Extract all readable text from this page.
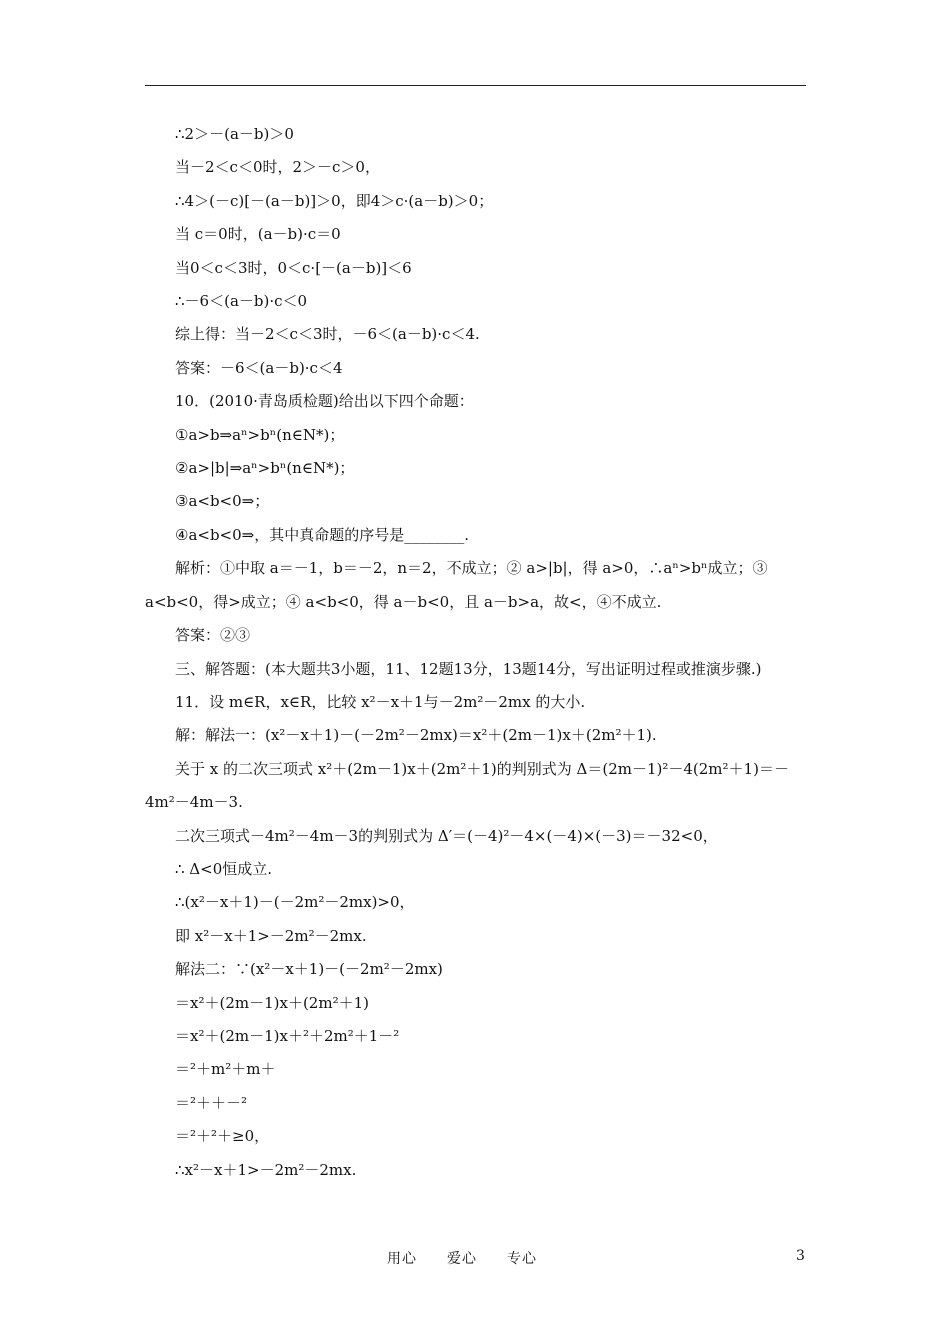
∴2＞－(a－b)＞0
当－2＜c＜0时，2＞－c＞0，
∴4＞(－c)[－(a－b)]＞0，即4＞c·(a－b)＞0；
当 c＝0时，(a－b)·c＝0
当0＜c＜3时，0＜c·[－(a－b)]＜6
∴－6＜(a－b)·c＜0
综上得：当－2＜c＜3时，－6＜(a－b)·c＜4.
答案：－6＜(a－b)·c＜4
10．(2010·青岛质检题)给出以下四个命题：
①a>b⇒aⁿ>bⁿ(n∈N*)；
②a>|b|⇒aⁿ>bⁿ(n∈N*)；
③a<b<0⇒；
④a<b<0⇒，其中真命题的序号是________.
解析：①中取 a＝－1，b＝－2，n＝2，不成立；② a>|b|，得 a>0，∴aⁿ>bⁿ成立；③ a<b<0，得>成立；④ a<b<0，得 a－b<0，且 a－b>a，故<，④不成立.
答案：②③
三、解答题：(本大题共3小题，11、12题13分，13题14分，写出证明过程或推演步骤.)
11．设 m∈R，x∈R，比较 x²－x＋1与－2m²－2mx 的大小.
解：解法一：(x²－x＋1)－(－2m²－2mx)＝x²＋(2m－1)x＋(2m²＋1).
关于 x 的二次三项式 x²＋(2m－1)x＋(2m²＋1)的判别式为 Δ＝(2m－1)²－4(2m²＋1)＝－4m²－4m－3.
二次三项式－4m²－4m－3的判别式为 Δ′＝(－4)²－4×(－4)×(－3)＝－32<0，
∴ Δ<0恒成立.
∴(x²－x＋1)－(－2m²－2mx)>0，
即 x²－x＋1>－2m²－2mx.
解法二：∵(x²－x＋1)－(－2m²－2mx)
＝x²＋(2m－1)x＋(2m²＋1)
＝x²＋(2m－1)x＋²＋2m²＋1－²
＝²＋m²＋m＋
＝²＋＋－²
＝²＋²＋≥0，
∴x²－x＋1>－2m²－2mx.
用心　　爱心　　专心	3
